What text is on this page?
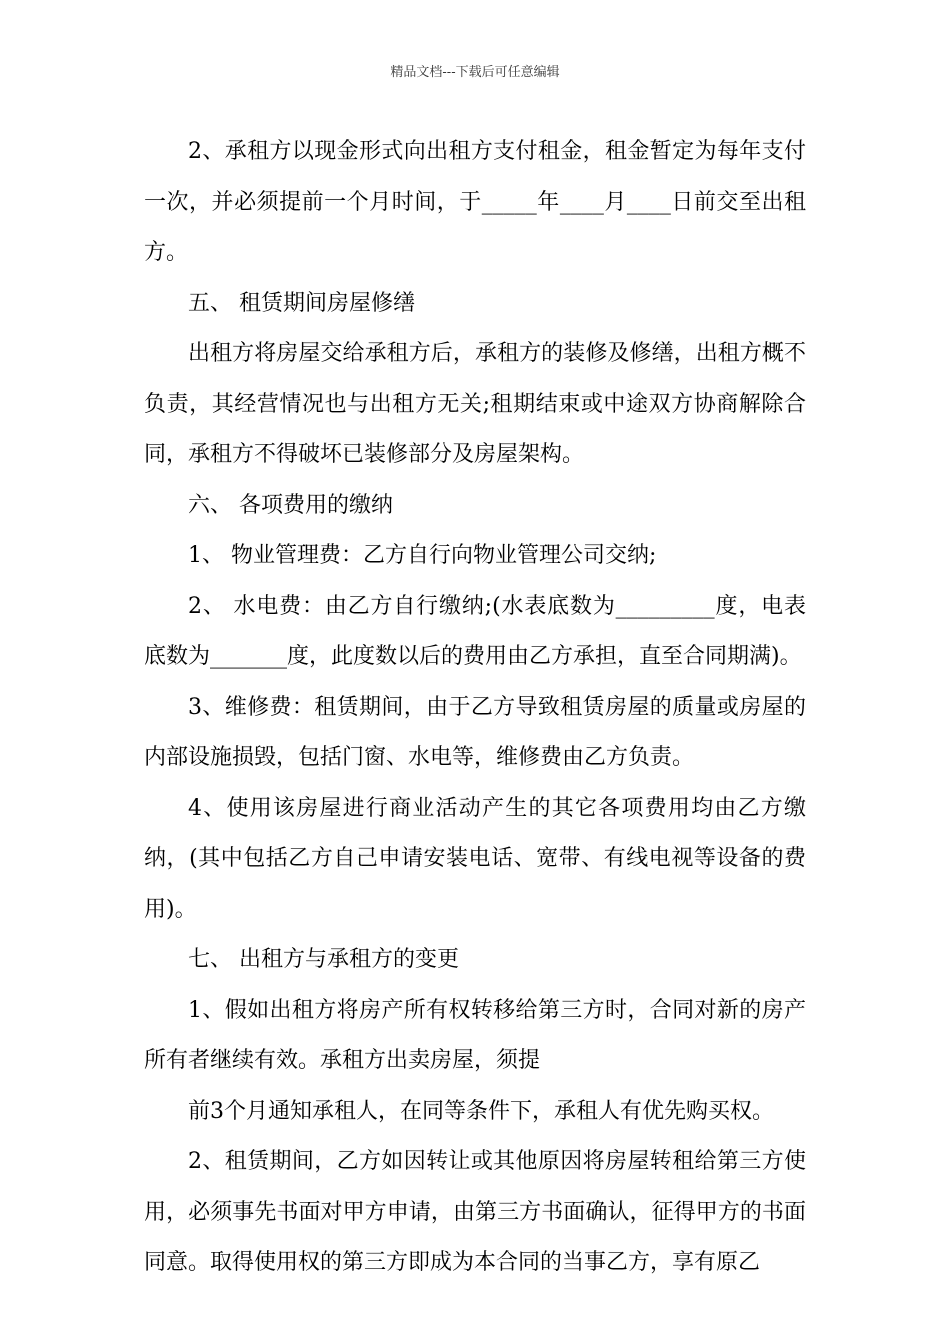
精品文档---下载后可任意编辑

2、承租方以现金形式向出租方支付租金，租金暂定为每年支付一次，并必须提前一个月时间，于_____年____月____日前交至出租方。

五、 租赁期间房屋修缮

出租方将房屋交给承租方后，承租方的装修及修缮，出租方概不负责，其经营情况也与出租方无关;租期结束或中途双方协商解除合同，承租方不得破坏已装修部分及房屋架构。

六、 各项费用的缴纳

1、 物业管理费：乙方自行向物业管理公司交纳;

2、 水电费：由乙方自行缴纳;(水表底数为_________度，电表底数为_______度，此度数以后的费用由乙方承担，直至合同期满)。

3、维修费：租赁期间，由于乙方导致租赁房屋的质量或房屋的内部设施损毁，包括门窗、水电等，维修费由乙方负责。

4、使用该房屋进行商业活动产生的其它各项费用均由乙方缴纳，(其中包括乙方自己申请安装电话、宽带、有线电视等设备的费用)。

七、 出租方与承租方的变更

1、假如出租方将房产所有权转移给第三方时，合同对新的房产所有者继续有效。承租方出卖房屋，须提

前3个月通知承租人，在同等条件下，承租人有优先购买权。

2、租赁期间，乙方如因转让或其他原因将房屋转租给第三方使用，必须事先书面对甲方申请，由第三方书面确认，征得甲方的书面同意。取得使用权的第三方即成为本合同的当事乙方，享有原乙
